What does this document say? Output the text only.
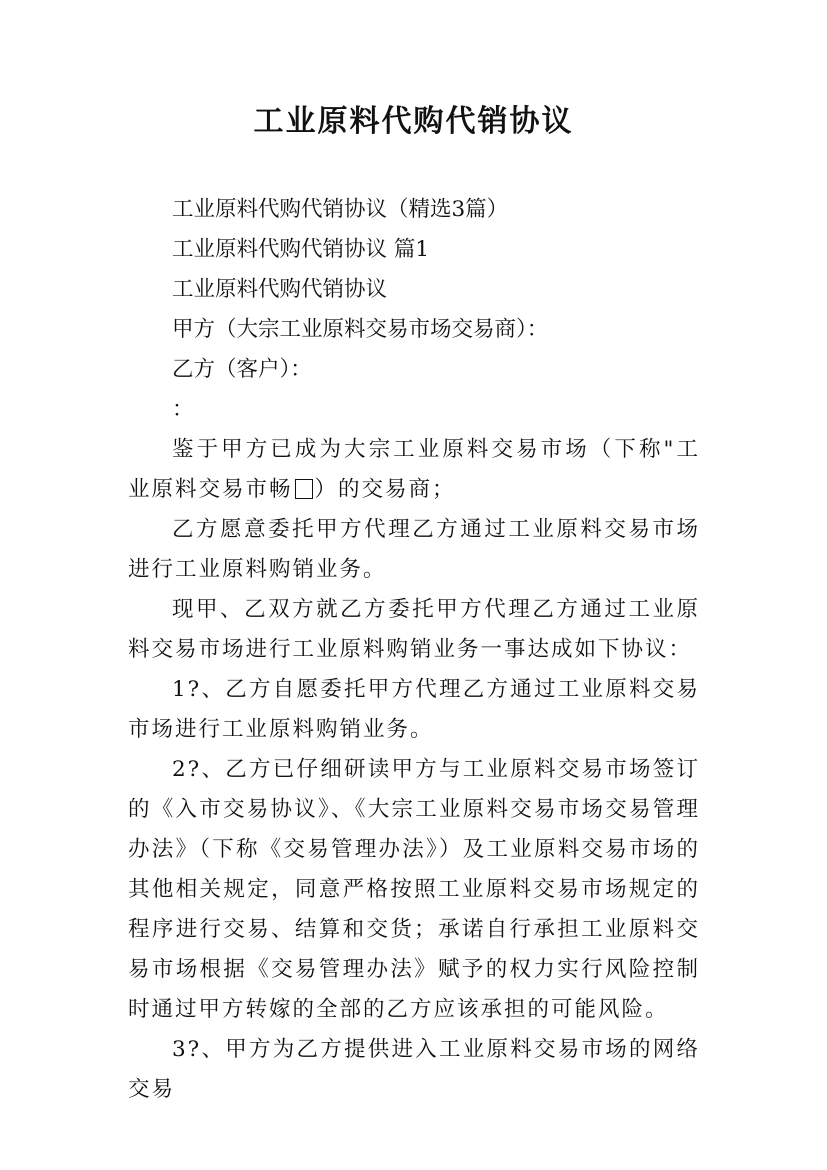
工业原料代购代销协议

工业原料代购代销协议（精选3篇）

工业原料代购代销协议 篇1

工业原料代购代销协议

甲方（大宗工业原料交易市场交易商）：

乙方（客户）：

：

鉴于甲方已成为大宗工业原料交易市场（下称"工业原料交易市畅 ）的交易商；

乙方愿意委托甲方代理乙方通过工业原料交易市场进行工业原料购销业务。

现甲、乙双方就乙方委托甲方代理乙方通过工业原料交易市场进行工业原料购销业务一事达成如下协议：

1?、乙方自愿委托甲方代理乙方通过工业原料交易市场进行工业原料购销业务。

2?、乙方已仔细研读甲方与工业原料交易市场签订的《入市交易协议》、《大宗工业原料交易市场交易管理办法》（下称《交易管理办法》）及工业原料交易市场的其他相关规定，同意严格按照工业原料交易市场规定的程序进行交易、结算和交货；承诺自行承担工业原料交易市场根据《交易管理办法》赋予的权力实行风险控制时通过甲方转嫁的全部的乙方应该承担的可能风险。

3?、甲方为乙方提供进入工业原料交易市场的网络交易
